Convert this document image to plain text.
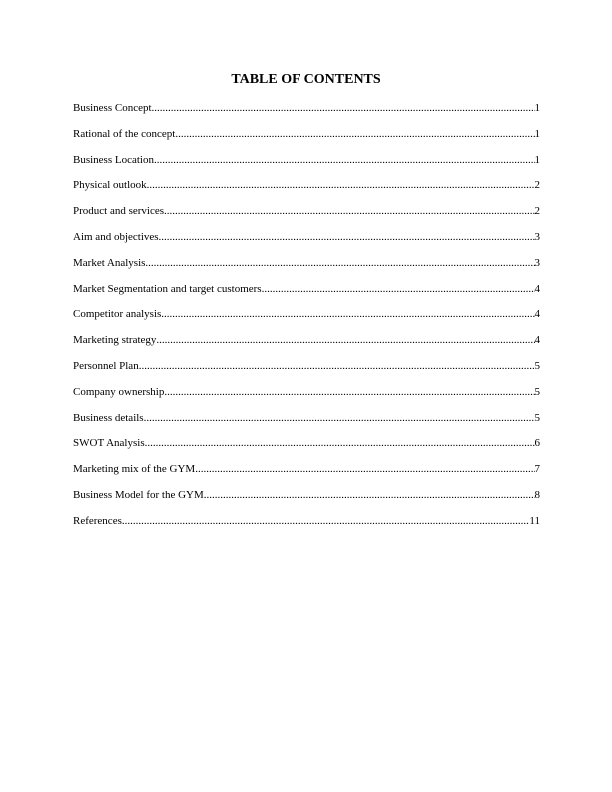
TABLE OF CONTENTS
Business Concept .....	1
Rational of the concept .....	1
Business Location .....	1
Physical outlook .....	2
Product and services .....	2
Aim and objectives .....	3
Market Analysis .....	3
Market Segmentation and target customers .....	4
Competitor analysis .....	4
Marketing strategy .....	4
Personnel Plan .....	5
Company ownership .....	5
Business details .....	5
SWOT Analysis .....	6
Marketing mix of the GYM .....	7
Business Model for the GYM .....	8
References .....	11
